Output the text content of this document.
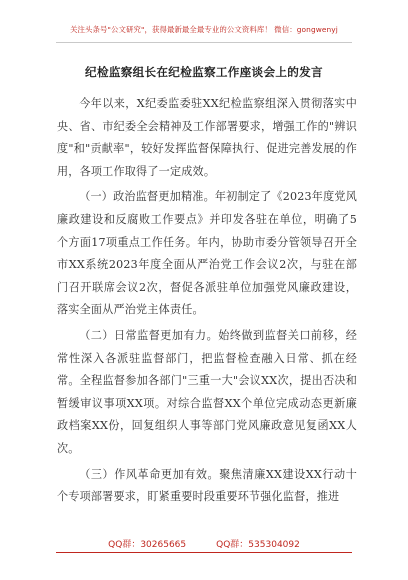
关注头条号"公文研究"，获得最新最全最专业的公文资料库！ 微信：gongwenyj
纪检监察组长在纪检监察工作座谈会上的发言

今年以来，X纪委监委驻XX纪检监察组深入贯彻落实中央、省、市纪委全会精神及工作部署要求，增强工作的"辨识度"和"贡献率"，较好发挥监督保障执行、促进完善发展的作用，各项工作取得了一定成效。

（一）政治监督更加精准。年初制定了《2023年度党风廉政建设和反腐败工作要点》并印发各驻在单位，明确了5个方面17项重点工作任务。年内，协助市委分管领导召开全市XX系统2023年度全面从严治党工作会议2次，与驻在部门召开联席会议2次，督促各派驻单位加强党风廉政建设，落实全面从严治党主体责任。

（二）日常监督更加有力。始终做到监督关口前移，经常性深入各派驻监督部门，把监督检查融入日常、抓在经常。全程监督参加各部门"三重一大"会议XX次，提出否决和暂缓审议事项XX项。对综合监督XX个单位完成动态更新廉政档案XX份，回复组织人事等部门党风廉政意见复函XX人次。

（三）作风革命更加有效。聚焦清廉XX建设XX行动十个专项部署要求，盯紧重要时段重要环节强化监督，推进

QQ群：30265665	QQ群：535304092
